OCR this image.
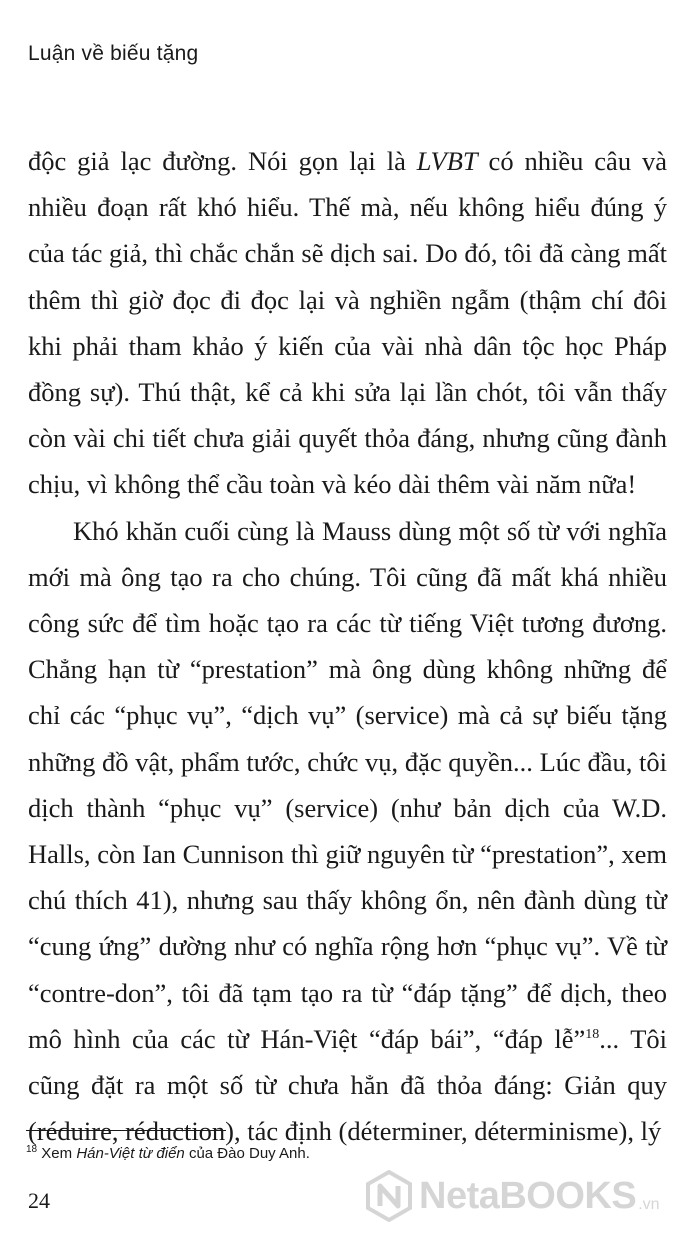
Luận về biếu tặng

độc giả lạc đường. Nói gọn lại là LVBT có nhiều câu và nhiều đoạn rất khó hiểu. Thế mà, nếu không hiểu đúng ý của tác giả, thì chắc chắn sẽ dịch sai. Do đó, tôi đã càng mất thêm thì giờ đọc đi đọc lại và nghiền ngẫm (thậm chí đôi khi phải tham khảo ý kiến của vài nhà dân tộc học Pháp đồng sự). Thú thật, kể cả khi sửa lại lần chót, tôi vẫn thấy còn vài chi tiết chưa giải quyết thỏa đáng, nhưng cũng đành chịu, vì không thể cầu toàn và kéo dài thêm vài năm nữa!

Khó khăn cuối cùng là Mauss dùng một số từ với nghĩa mới mà ông tạo ra cho chúng. Tôi cũng đã mất khá nhiều công sức để tìm hoặc tạo ra các từ tiếng Việt tương đương. Chẳng hạn từ “prestation” mà ông dùng không những để chỉ các “phục vụ”, “dịch vụ” (service) mà cả sự biếu tặng những đồ vật, phẩm tước, chức vụ, đặc quyền... Lúc đầu, tôi dịch thành “phục vụ” (service) (như bản dịch của W.D. Halls, còn Ian Cunnison thì giữ nguyên từ “prestation”, xem chú thích 41), nhưng sau thấy không ổn, nên đành dùng từ “cung ứng” dường như có nghĩa rộng hơn “phục vụ”. Về từ “contre-don”, tôi đã tạm tạo ra từ “đáp tặng” để dịch, theo mô hình của các từ Hán-Việt “đáp bái”, “đáp lễ”$^{18}$... Tôi cũng đặt ra một số từ chưa hẳn đã thỏa đáng: Giản quy (réduire, réduction), tác định (déterminer, déterminisme), lý

$^{18}$ Xem Hán-Việt từ điển của Đào Duy Anh.
24	NetaBOOKS .vn
